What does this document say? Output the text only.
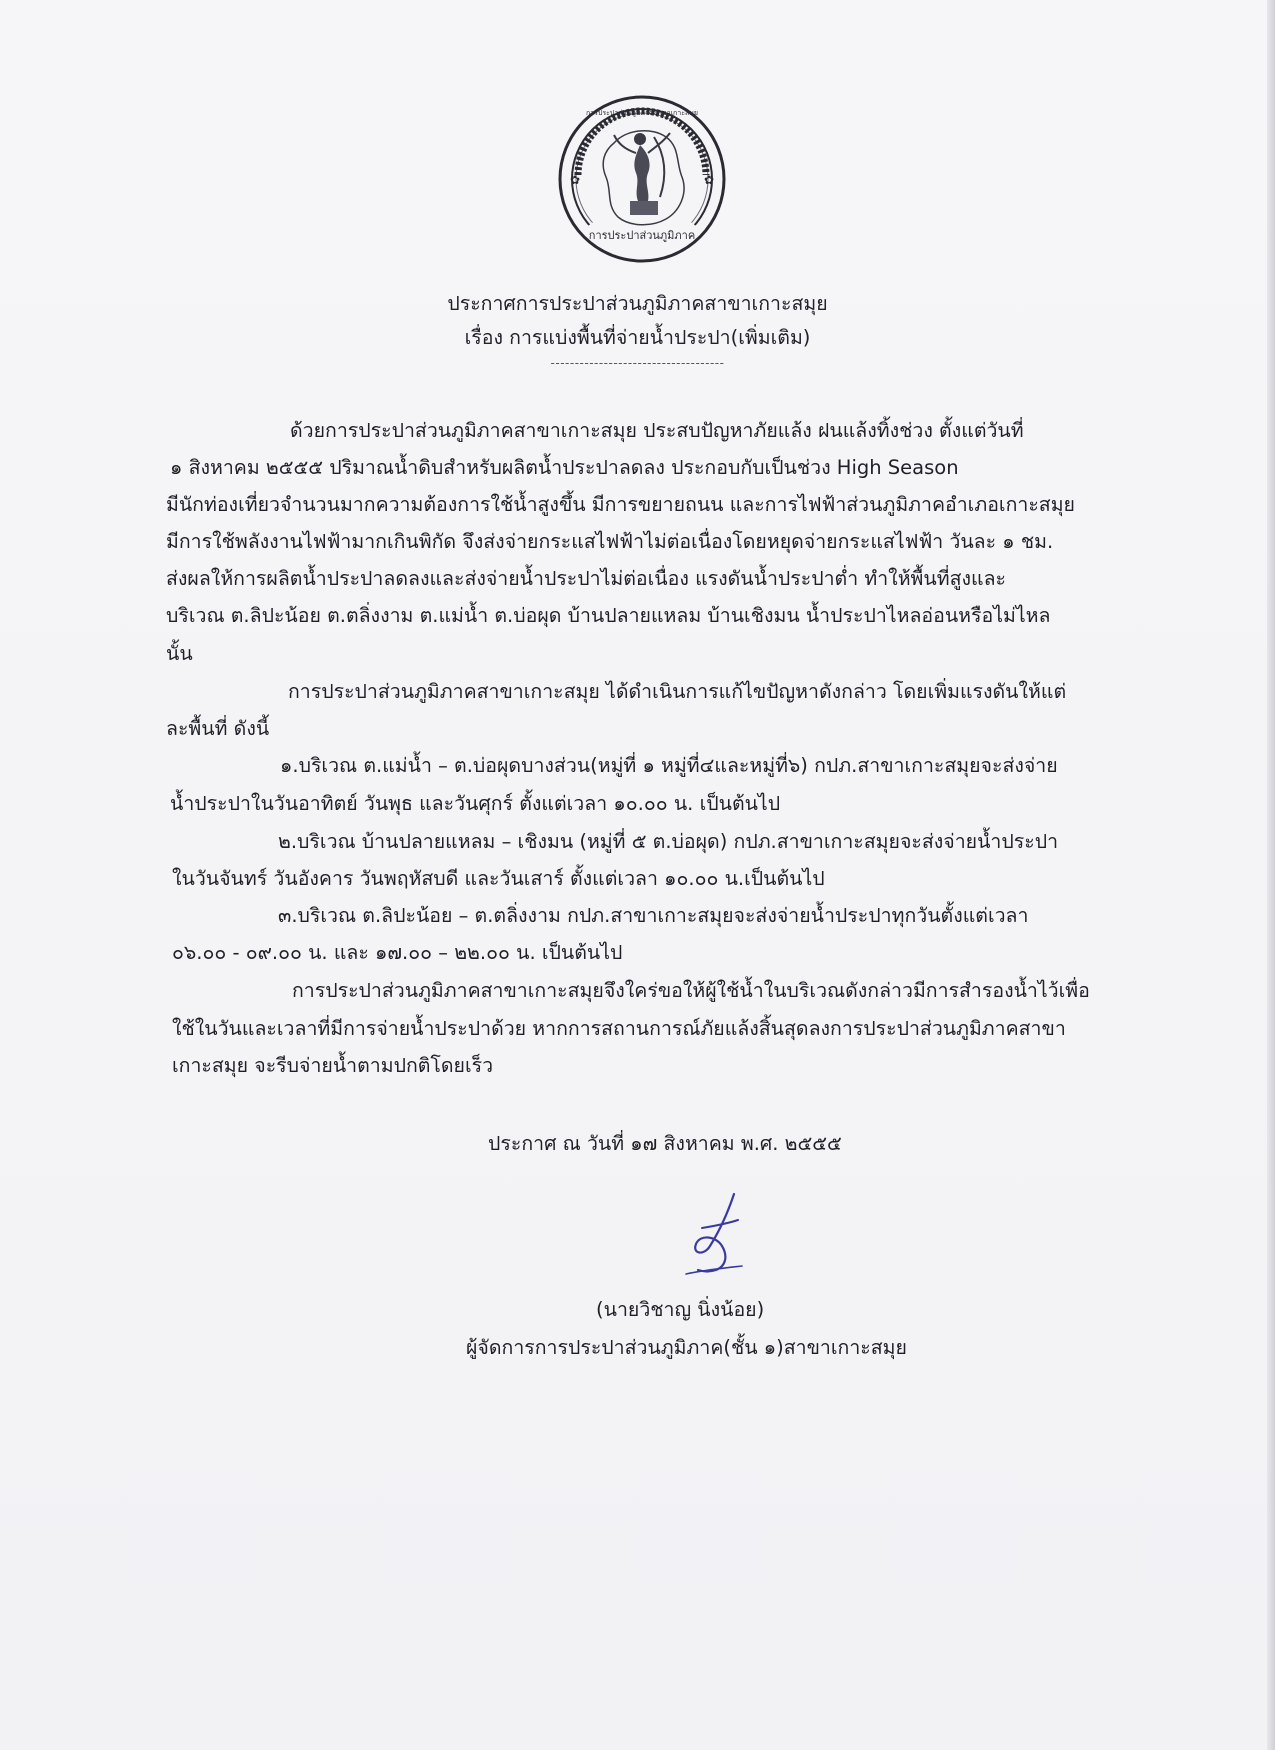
✿	✿
การประปาส่วนภูมิภาค
ประกาศการประปาส่วนภูมิภาคสาขาเกาะสมุย
เรื่อง การแบ่งพื้นที่จ่ายน้ำประปา(เพิ่มเติม)
------------------------------------
ด้วยการประปาส่วนภูมิภาคสาขาเกาะสมุย ประสบปัญหาภัยแล้ง ฝนแล้งทิ้งช่วง ตั้งแต่วันที่
๑ สิงหาคม ๒๕๕๕ ปริมาณน้ำดิบสำหรับผลิตน้ำประปาลดลง ประกอบกับเป็นช่วง High Season
มีนักท่องเที่ยวจำนวนมากความต้องการใช้น้ำสูงขึ้น มีการขยายถนน และการไฟฟ้าส่วนภูมิภาคอำเภอเกาะสมุย
มีการใช้พลังงานไฟฟ้ามากเกินพิกัด จึงส่งจ่ายกระแสไฟฟ้าไม่ต่อเนื่องโดยหยุดจ่ายกระแสไฟฟ้า วันละ ๑ ชม.
ส่งผลให้การผลิตน้ำประปาลดลงและส่งจ่ายน้ำประปาไม่ต่อเนื่อง แรงดันน้ำประปาต่ำ ทำให้พื้นที่สูงและ
บริเวณ ต.ลิปะน้อย ต.ตลิ่งงาม ต.แม่น้ำ ต.บ่อผุด บ้านปลายแหลม บ้านเชิงมน น้ำประปาไหลอ่อนหรือไม่ไหล
นั้น
การประปาส่วนภูมิภาคสาขาเกาะสมุย ได้ดำเนินการแก้ไขปัญหาดังกล่าว โดยเพิ่มแรงดันให้แต่
ละพื้นที่ ดังนี้
๑.บริเวณ ต.แม่น้ำ – ต.บ่อผุดบางส่วน(หมู่ที่ ๑ หมู่ที่๔และหมู่ที่๖) กปภ.สาขาเกาะสมุยจะส่งจ่าย
น้ำประปาในวันอาทิตย์ วันพุธ และวันศุกร์ ตั้งแต่เวลา ๑๐.๐๐ น. เป็นต้นไป
๒.บริเวณ บ้านปลายแหลม – เชิงมน (หมู่ที่ ๕ ต.บ่อผุด) กปภ.สาขาเกาะสมุยจะส่งจ่ายน้ำประปา
ในวันจันทร์ วันอังคาร วันพฤหัสบดี และวันเสาร์ ตั้งแต่เวลา ๑๐.๐๐ น.เป็นต้นไป
๓.บริเวณ ต.ลิปะน้อย – ต.ตลิ่งงาม กปภ.สาขาเกาะสมุยจะส่งจ่ายน้ำประปาทุกวันตั้งแต่เวลา
๐๖.๐๐ - ๐๙.๐๐ น. และ ๑๗.๐๐ – ๒๒.๐๐ น. เป็นต้นไป
การประปาส่วนภูมิภาคสาขาเกาะสมุยจึงใคร่ขอให้ผู้ใช้น้ำในบริเวณดังกล่าวมีการสำรองน้ำไว้เพื่อ
ใช้ในวันและเวลาที่มีการจ่ายน้ำประปาด้วย หากการสถานการณ์ภัยแล้งสิ้นสุดลงการประปาส่วนภูมิภาคสาขา
เกาะสมุย จะรีบจ่ายน้ำตามปกติโดยเร็ว
ประกาศ ณ วันที่ ๑๗ สิงหาคม พ.ศ. ๒๕๕๕
(นายวิชาญ นิ่งน้อย)
ผู้จัดการการประปาส่วนภูมิภาค(ชั้น ๑)สาขาเกาะสมุย
การประปาส่วนภูมิภาคสาขาเกาะสมุย
